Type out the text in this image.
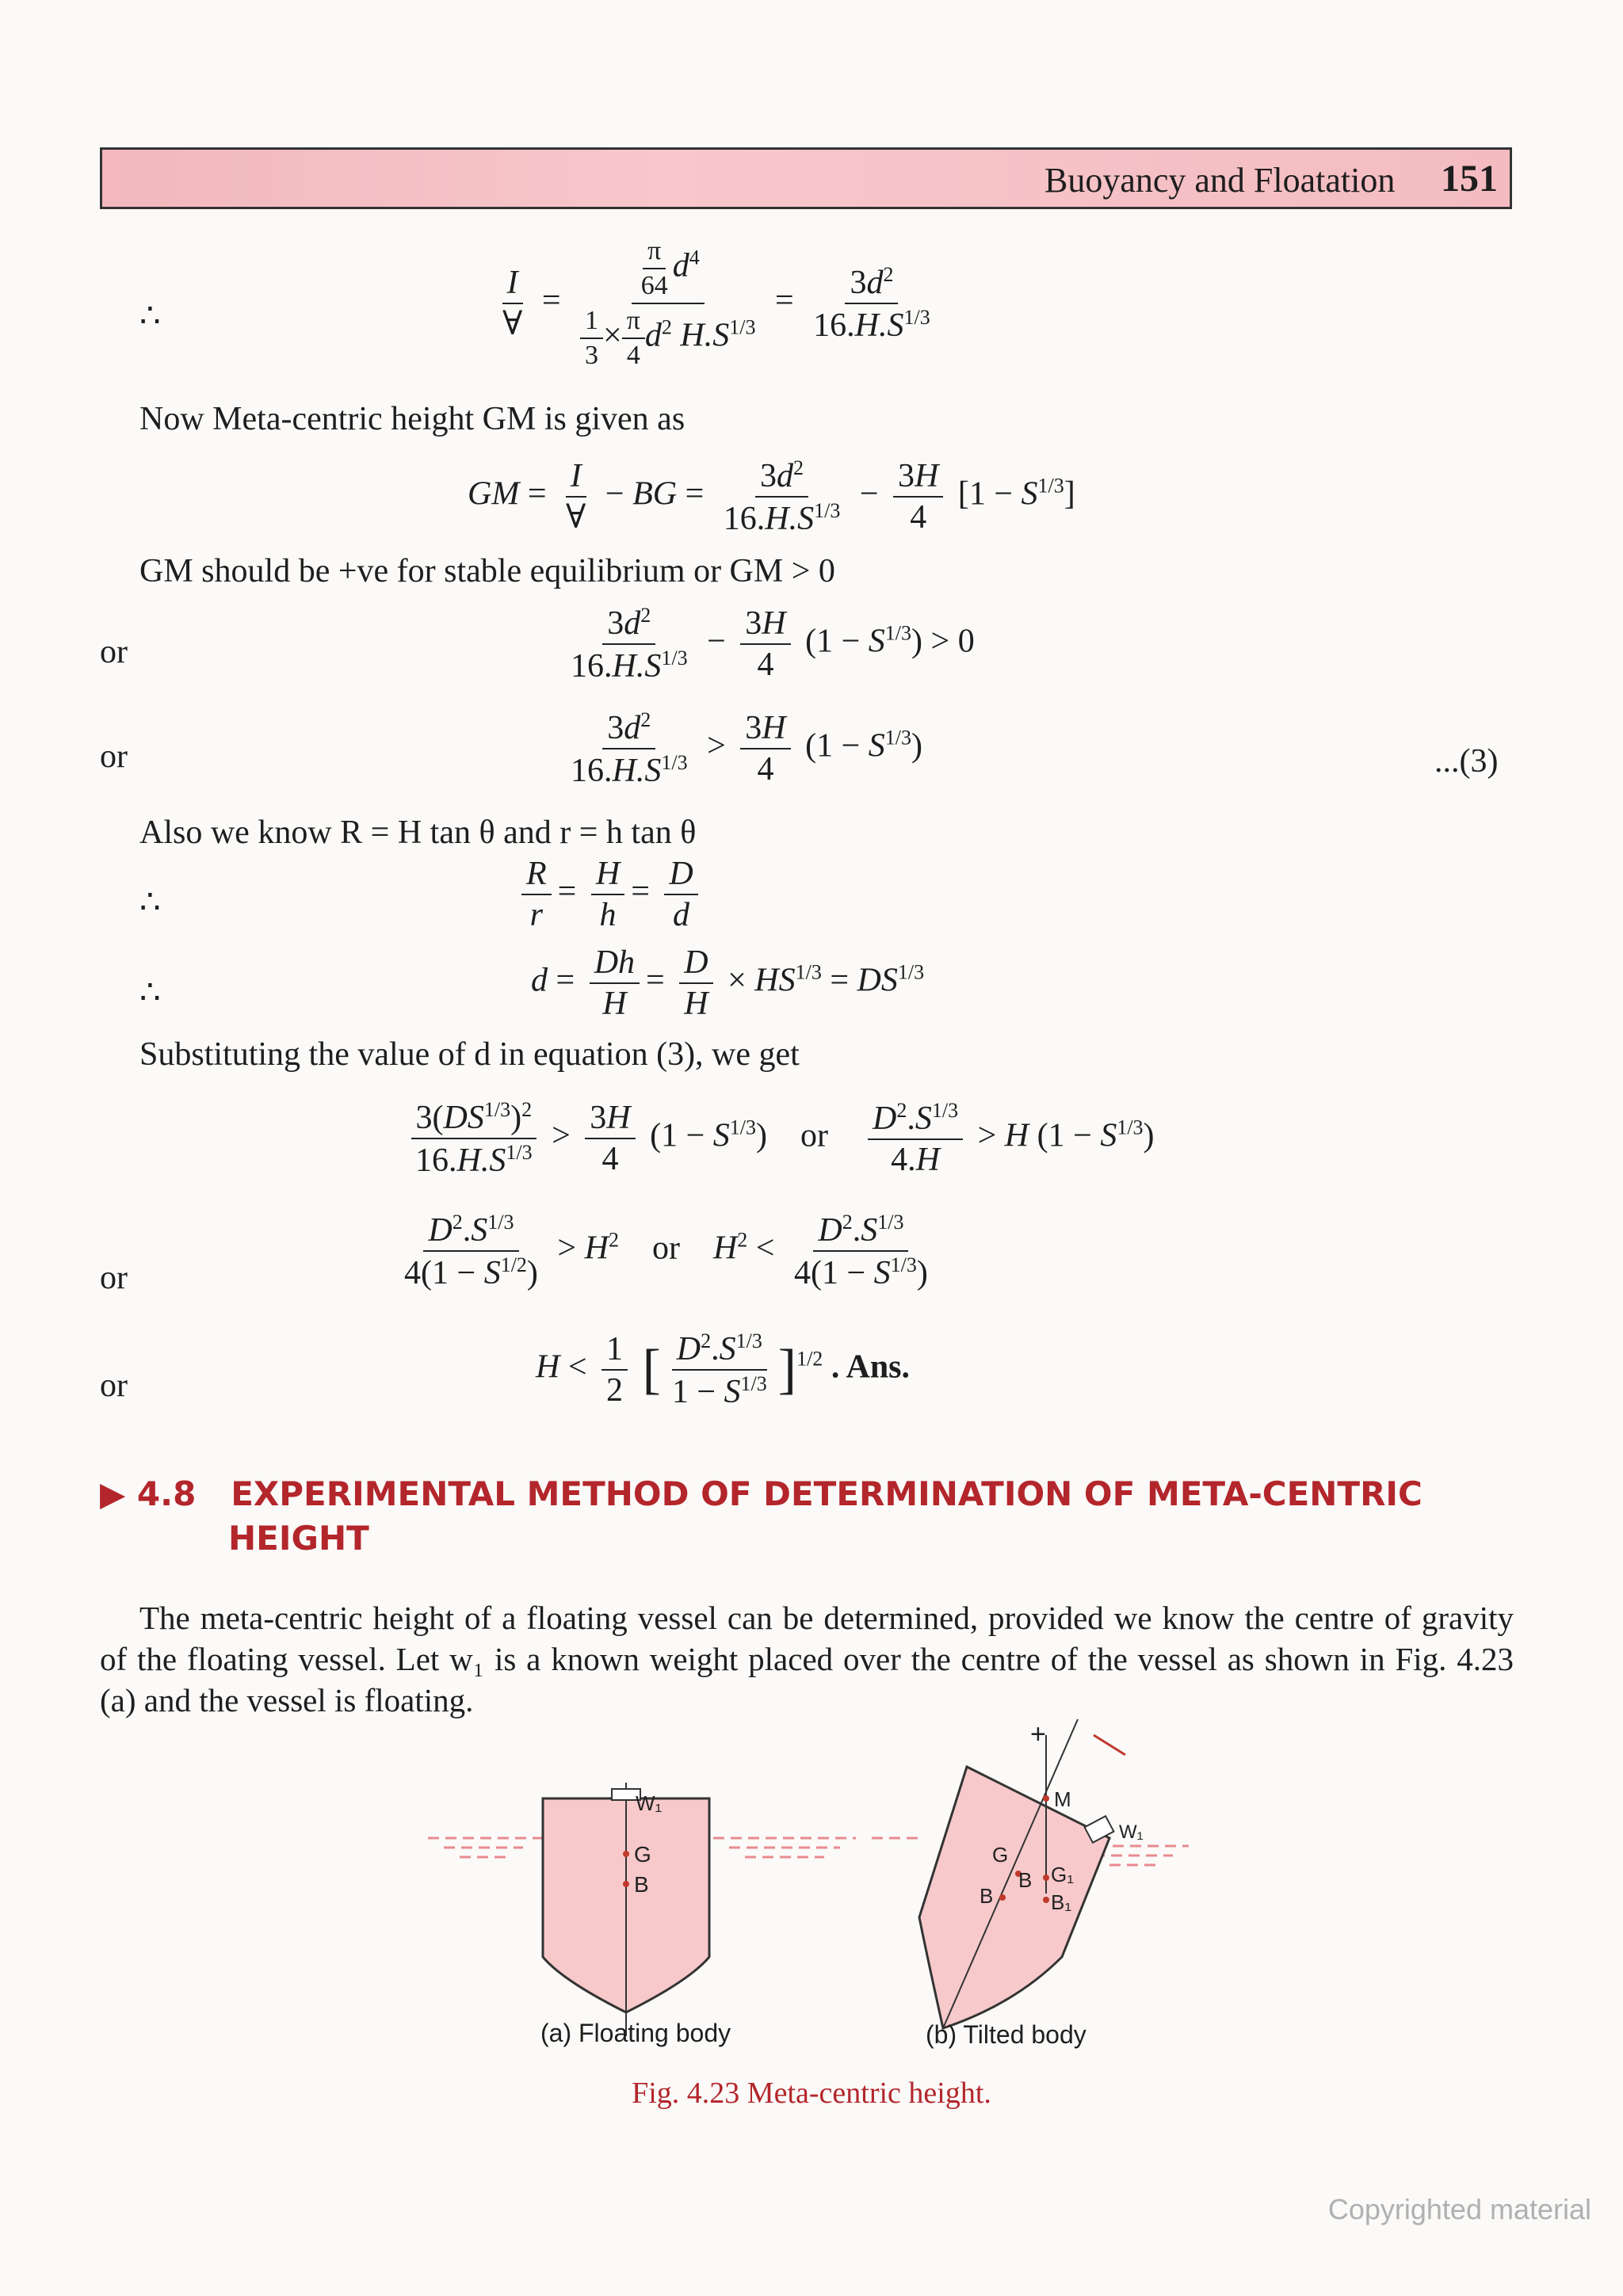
Buoyancy and Floatation 151
∴	$\frac{I}{\forall} = \frac{\frac{\pi}{64} d^4}{\frac{1}{3} \times \frac{\pi}{4} d^2 H.S^{1/3}} = \frac{3d^2}{16.H.S^{1/3}}$
Now Meta-centric height GM is given as
GM = $\frac{I}{\forall}$ − BG = $\frac{3d^2}{16.H.S^{1/3}} - \frac{3H}{4} [1 - S^{1/3}]$
GM should be +ve for stable equilibrium or GM > 0
or	$\frac{3d^2}{16.H.S^{1/3}} - \frac{3H}{4} (1 - S^{1/3}) > 0$
or	$\frac{3d^2}{16.H.S^{1/3}} > \frac{3H}{4} (1 - S^{1/3})$	...(3)
Also we know R = H tan θ and r = h tan θ
∴	$\frac{R}{r} = \frac{H}{h} = \frac{D}{d}$
∴	$d = \frac{Dh}{H} = \frac{D}{H} \times HS^{1/3} = DS^{1/3}$
Substituting the value of d in equation (3), we get
$\frac{3(DS^{1/3})^2}{16.H.S^{1/3}} > \frac{3H}{4} (1 - S^{1/3})$    or $\frac{D^2.S^{1/3}}{4.H} > H$ $(1 - S^{1/3})$
or	$\frac{D^2.S^{1/3}}{4(1 - S^{1/2})} > H^2$    or    $H^2 < \frac{D^2.S^{1/3}}{4(1 - S^{1/3})}$
or
$H < \frac{1}{2}$ [ $\frac{D^2.S^{1/3}}{1 - S^{1/3}} ]^{1/2}$ . Ans.
▶ 4.8 EXPERIMENTAL METHOD OF DETERMINATION OF META-CENTRIC
HEIGHT
The meta-centric height of a floating vessel can be determined, provided we know the centre of gravity of the floating vessel. Let w₁ is a known weight placed over the centre of the vessel as shown in Fig. 4.23 (a) and the vessel is floating.
W₁
G
B
M
W₁
G
B
B G₁
B₁
+
(a) Floating body	(b) Tilted body
Fig. 4.23 Meta-centric height.
Copyrighted material
